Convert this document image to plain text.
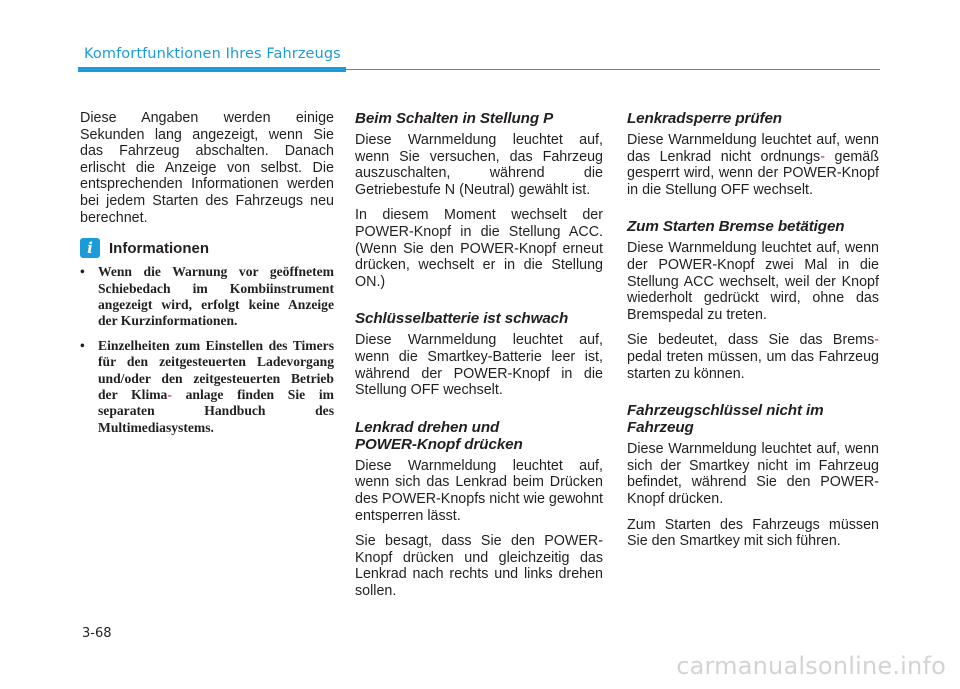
Komfortfunktionen Ihres Fahrzeugs

Diese Angaben werden einige Sekunden lang angezeigt, wenn Sie das Fahrzeug abschalten. Danach erlischt die Anzeige von selbst. Die entsprechenden Informationen werden bei jedem Starten des Fahrzeugs neu berechnet.

i	Informationen
• Wenn die Warnung vor geöffnetem Schiebedach im Kombiinstrument angezeigt wird, erfolgt keine Anzeige der Kurzinformationen.
• Einzelheiten zum Einstellen des Timers für den zeitgesteuerten Ladevorgang und/oder den zeitgesteuerten Betrieb der Klima- anlage finden Sie im separaten Handbuch des Multimediasystems.
Beim Schalten in Stellung P

Diese Warnmeldung leuchtet auf, wenn Sie versuchen, das Fahrzeug auszuschalten, während die Getriebestufe N (Neutral) gewählt ist.

In diesem Moment wechselt der POWER-Knopf in die Stellung ACC. (Wenn Sie den POWER-Knopf erneut drücken, wechselt er in die Stellung ON.)

Schlüsselbatterie ist schwach

Diese Warnmeldung leuchtet auf, wenn die Smartkey-Batterie leer ist, während der POWER-Knopf in die Stellung OFF wechselt.

Lenkrad drehen und
POWER-Knopf drücken

Diese Warnmeldung leuchtet auf, wenn sich das Lenkrad beim Drücken des POWER-Knopfs nicht wie gewohnt entsperren lässt.

Sie besagt, dass Sie den POWER-Knopf drücken und gleichzeitig das Lenkrad nach rechts und links drehen sollen.

Lenkradsperre prüfen

Diese Warnmeldung leuchtet auf, wenn das Lenkrad nicht ordnungs- gemäß gesperrt wird, wenn der POWER-Knopf in die Stellung OFF wechselt.

Zum Starten Bremse betätigen

Diese Warnmeldung leuchtet auf, wenn der POWER-Knopf zwei Mal in die Stellung ACC wechselt, weil der Knopf wiederholt gedrückt wird, ohne das Bremspedal zu treten.

Sie bedeutet, dass Sie das Brems- pedal treten müssen, um das Fahrzeug starten zu können.

Fahrzeugschlüssel nicht im
Fahrzeug

Diese Warnmeldung leuchtet auf, wenn sich der Smartkey nicht im Fahrzeug befindet, während Sie den POWER-Knopf drücken.

Zum Starten des Fahrzeugs müssen Sie den Smartkey mit sich führen.

3-68
carmanualsonline.info
